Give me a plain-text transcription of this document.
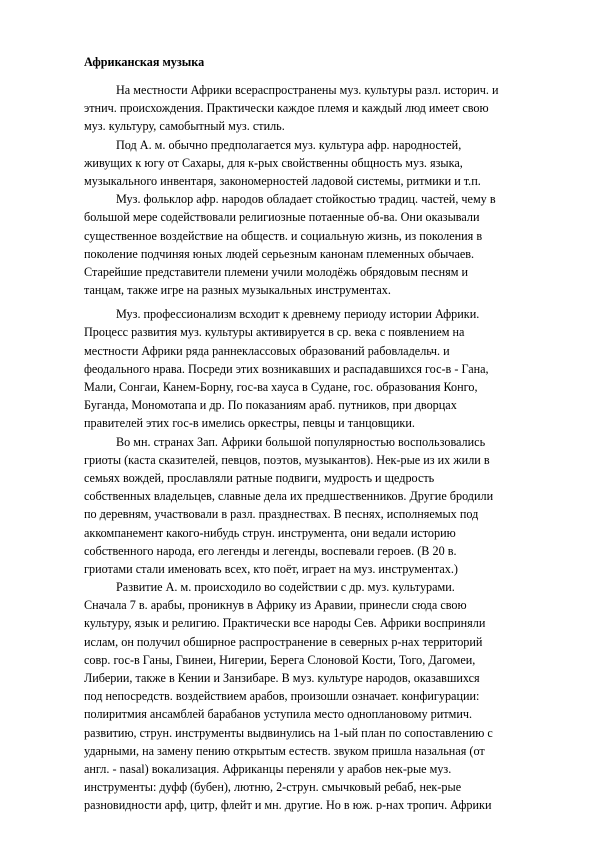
Африканская музыка
На местности Африки всераспространены муз. культуры разл. историч. и
этнич. происхождения. Практически каждое племя и каждый люд имеет свою
муз. культуру, самобытный муз. стиль.
Под А. м. обычно предполагается муз. культура афр. народностей,
живущих к югу от Сахары, для к-рых свойственны общность муз. языка,
музыкального инвентаря, закономерностей ладовой системы, ритмики и т.п.
Муз. фольклор афр. народов обладает стойкостью традиц. частей, чему в
большой мере содействовали религиозные потаенные об-ва. Они оказывали
существенное воздействие на обществ. и социальную жизнь, из поколения в
поколение подчиняя юных людей серьезным канонам племенных обычаев.
Старейшие представители племени учили молодёжь обрядовым песням и
танцам, также игре на разных музыкальных инструментах.
Муз. профессионализм всходит к древнему периоду истории Африки.
Процесс развития муз. культуры активируется в ср. века с появлением на
местности Африки ряда раннеклассовых образований рабовладельч. и
феодального нрава. Посреди этих возникавших и распадавшихся гос-в - Гана,
Мали, Сонгаи, Канем-Борну, гос-ва хауса в Судане, гос. образования Конго,
Буганда, Мономотапа и др. По показаниям араб. путников, при дворцах
правителей этих гос-в имелись оркестры, певцы и танцовщики.
Во мн. странах Зап. Африки большой популярностью воспользовались
гриоты (каста сказителей, певцов, поэтов, музыкантов). Нек-рые из их жили в
семьях вождей, прославляли ратные подвиги, мудрость и щедрость
собственных владельцев, славные дела их предшественников. Другие бродили
по деревням, участвовали в разл. празднествах. В песнях, исполняемых под
аккомпанемент какого-нибудь струн. инструмента, они ведали историю
собственного народа, его легенды и легенды, воспевали героев. (В 20 в.
гриотами стали именовать всех, кто поёт, играет на муз. инструментах.)
Развитие А. м. происходило во содействии с др. муз. культурами.
Сначала 7 в. арабы, проникнув в Африку из Аравии, принесли сюда свою
культуру, язык и религию. Практически все народы Сев. Африки восприняли
ислам, он получил обширное распространение в северных р-нах территорий
совр. гос-в Ганы, Гвинеи, Нигерии, Берега Слоновой Кости, Того, Дагомеи,
Либерии, также в Кении и Занзибаре. В муз. культуре народов, оказавшихся
под непосредств. воздействием арабов, произошли означает. конфигурации:
полиритмия ансамблей барабанов уступила место одноплановому ритмич.
развитию, струн. инструменты выдвинулись на 1-ый план по сопоставлению с
ударными, на замену пению открытым естеств. звуком пришла назальная (от
англ. - nasal) вокализация. Африканцы переняли у арабов нек-рые муз.
инструменты: дуфф (бубен), лютню, 2-струн. смычковый ребаб, нек-рые
разновидности арф, цитр, флейт и мн. другие. Но в юж. р-нах тропич. Африки
